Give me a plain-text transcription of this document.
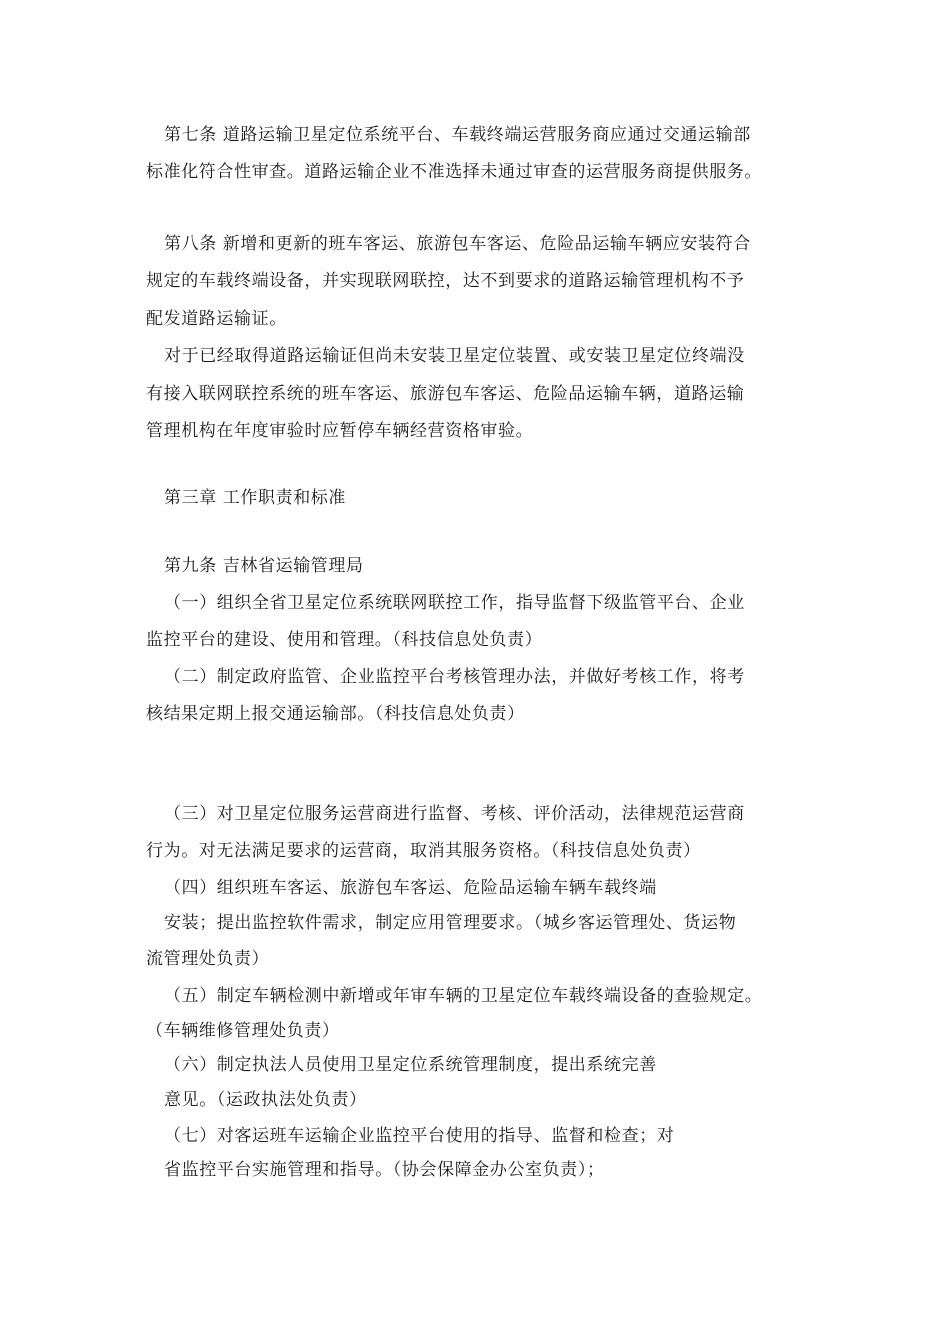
第七条 道路运输卫星定位系统平台、车载终端运营服务商应通过交通运输部
标准化符合性审查。道路运输企业不准选择未通过审查的运营服务商提供服务。
第八条 新增和更新的班车客运、旅游包车客运、危险品运输车辆应安装符合
规定的车载终端设备，并实现联网联控，达不到要求的道路运输管理机构不予
配发道路运输证。
对于已经取得道路运输证但尚未安装卫星定位装置、或安装卫星定位终端没
有接入联网联控系统的班车客运、旅游包车客运、危险品运输车辆，道路运输
管理机构在年度审验时应暂停车辆经营资格审验。
第三章 工作职责和标准
第九条 吉林省运输管理局
（一）组织全省卫星定位系统联网联控工作，指导监督下级监管平台、企业
监控平台的建设、使用和管理。（科技信息处负责）
（二）制定政府监管、企业监控平台考核管理办法，并做好考核工作，将考
核结果定期上报交通运输部。（科技信息处负责）
（三）对卫星定位服务运营商进行监督、考核、评价活动，法律规范运营商
行为。对无法满足要求的运营商，取消其服务资格。（科技信息处负责）
（四）组织班车客运、旅游包车客运、危险品运输车辆车载终端
安装；提出监控软件需求，制定应用管理要求。（城乡客运管理处、货运物
流管理处负责）
（五）制定车辆检测中新增或年审车辆的卫星定位车载终端设备的查验规定。
（车辆维修管理处负责）
（六）制定执法人员使用卫星定位系统管理制度，提出系统完善
意见。（运政执法处负责）
（七）对客运班车运输企业监控平台使用的指导、监督和检查；对
省监控平台实施管理和指导。（协会保障金办公室负责）；
